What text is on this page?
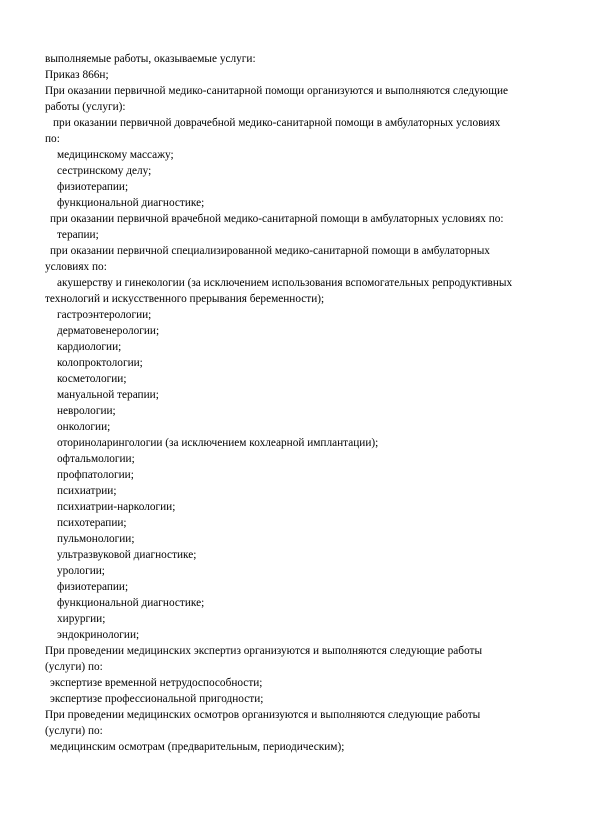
выполняемые работы, оказываемые услуги:
Приказ 866н;
При оказании первичной медико-санитарной помощи организуются и выполняются следующие
работы (услуги):
при оказании первичной доврачебной медико-санитарной помощи в амбулаторных условиях
по:
медицинскому массажу;
сестринскому делу;
физиотерапии;
функциональной диагностике;
при оказании первичной врачебной медико-санитарной помощи в амбулаторных условиях по:
терапии;
при оказании первичной специализированной медико-санитарной помощи в амбулаторных
условиях по:
акушерству и гинекологии (за исключением использования вспомогательных репродуктивных
технологий и искусственного прерывания беременности);
гастроэнтерологии;
дерматовенерологии;
кардиологии;
колопроктологии;
косметологии;
мануальной терапии;
неврологии;
онкологии;
оториноларингологии (за исключением кохлеарной имплантации);
офтальмологии;
профпатологии;
психиатрии;
психиатрии-наркологии;
психотерапии;
пульмонологии;
ультразвуковой диагностике;
урологии;
физиотерапии;
функциональной диагностике;
хирургии;
эндокринологии;
При проведении медицинских экспертиз организуются и выполняются следующие работы
(услуги) по:
экспертизе временной нетрудоспособности;
экспертизе профессиональной пригодности;
При проведении медицинских осмотров организуются и выполняются следующие работы
(услуги) по:
медицинским осмотрам (предварительным, периодическим);
